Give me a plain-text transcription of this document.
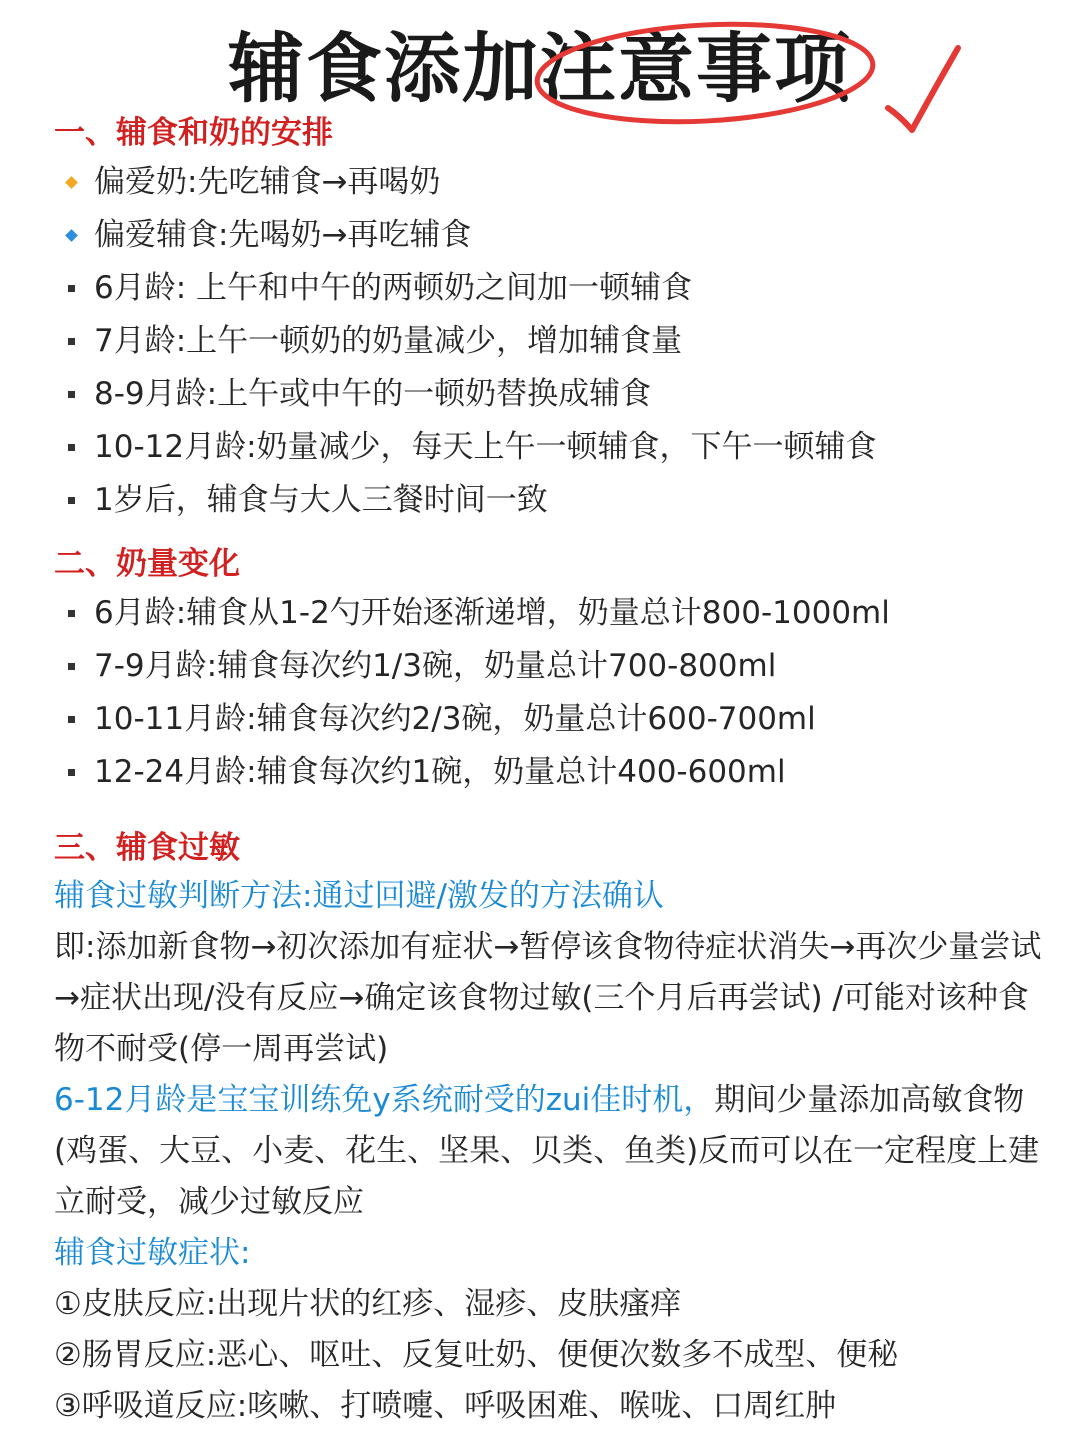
辅食添加注意事项
一、辅食和奶的安排
偏爱奶:先吃辅食→再喝奶
偏爱辅食:先喝奶→再吃辅食
6月龄: 上午和中午的两顿奶之间加一顿辅食
7月龄:上午一顿奶的奶量减少，增加辅食量
8-9月龄:上午或中午的一顿奶替换成辅食
10-12月龄:奶量减少，每天上午一顿辅食，下午一顿辅食
1岁后，辅食与大人三餐时间一致
二、奶量变化
6月龄:辅食从1-2勺开始逐渐递增，奶量总计800-1000ml
7-9月龄:辅食每次约1/3碗，奶量总计700-800ml
10-11月龄:辅食每次约2/3碗，奶量总计600-700ml
12-24月龄:辅食每次约1碗，奶量总计400-600ml
三、辅食过敏

辅食过敏判断方法:通过回避/激发的方法确认

即:添加新食物→初次添加有症状→暂停该食物待症状消失→再次少量尝试→症状出现/没有反应→确定该食物过敏(三个月后再尝试) /可能对该种食物不耐受(停一周再尝试)

6-12月龄是宝宝训练免y系统耐受的zui佳时机，期间少量添加高敏食物(鸡蛋、大豆、小麦、花生、坚果、贝类、鱼类)反而可以在一定程度上建立耐受，减少过敏反应

辅食过敏症状:

①皮肤反应:出现片状的红疹、湿疹、皮肤瘙痒

②肠胃反应:恶心、呕吐、反复吐奶、便便次数多不成型、便秘

③呼吸道反应:咳嗽、打喷嚏、呼吸困难、喉咙、口周红肿
